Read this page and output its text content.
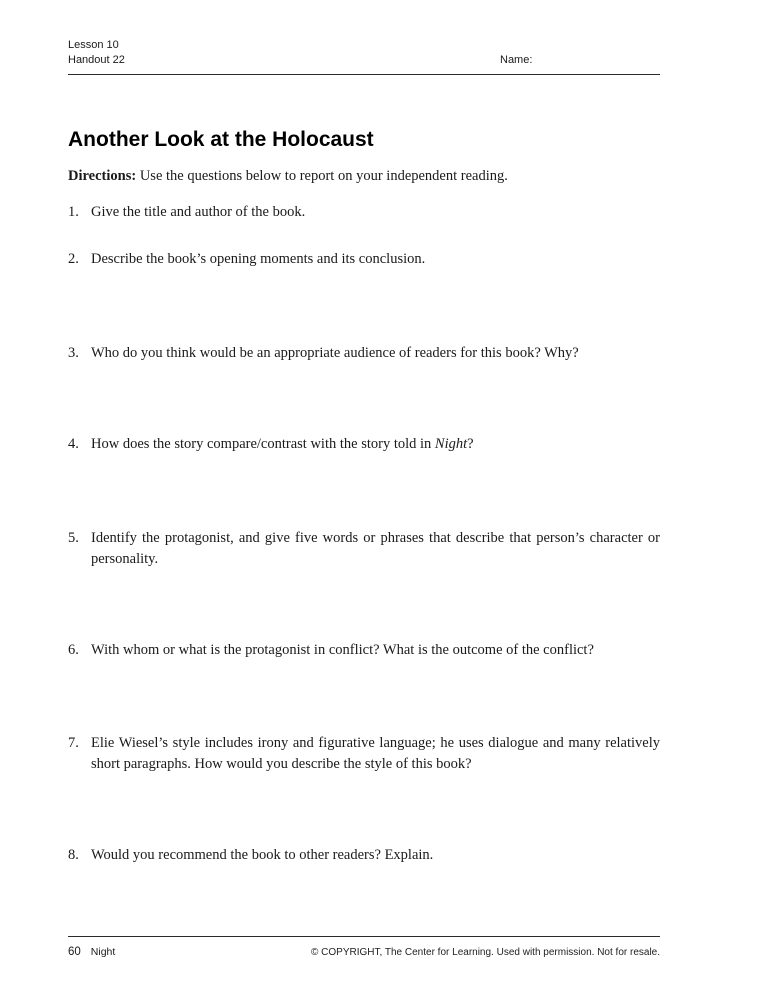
Lesson 10
Handout 22	Name:
Another Look at the Holocaust

Directions: Use the questions below to report on your independent reading.

1. Give the title and author of the book.
2. Describe the book’s opening moments and its conclusion.
3. Who do you think would be an appropriate audience of readers for this book? Why?
4. How does the story compare/contrast with the story told in Night?
5. Identify the protagonist, and give five words or phrases that describe that person’s character or personality.
6. With whom or what is the protagonist in conflict? What is the outcome of the conflict?
7. Elie Wiesel’s style includes irony and figurative language; he uses dialogue and many relatively short paragraphs. How would you describe the style of this book?
8. Would you recommend the book to other readers? Explain.
60 Night	© COPYRIGHT, The Center for Learning. Used with permission. Not for resale.
